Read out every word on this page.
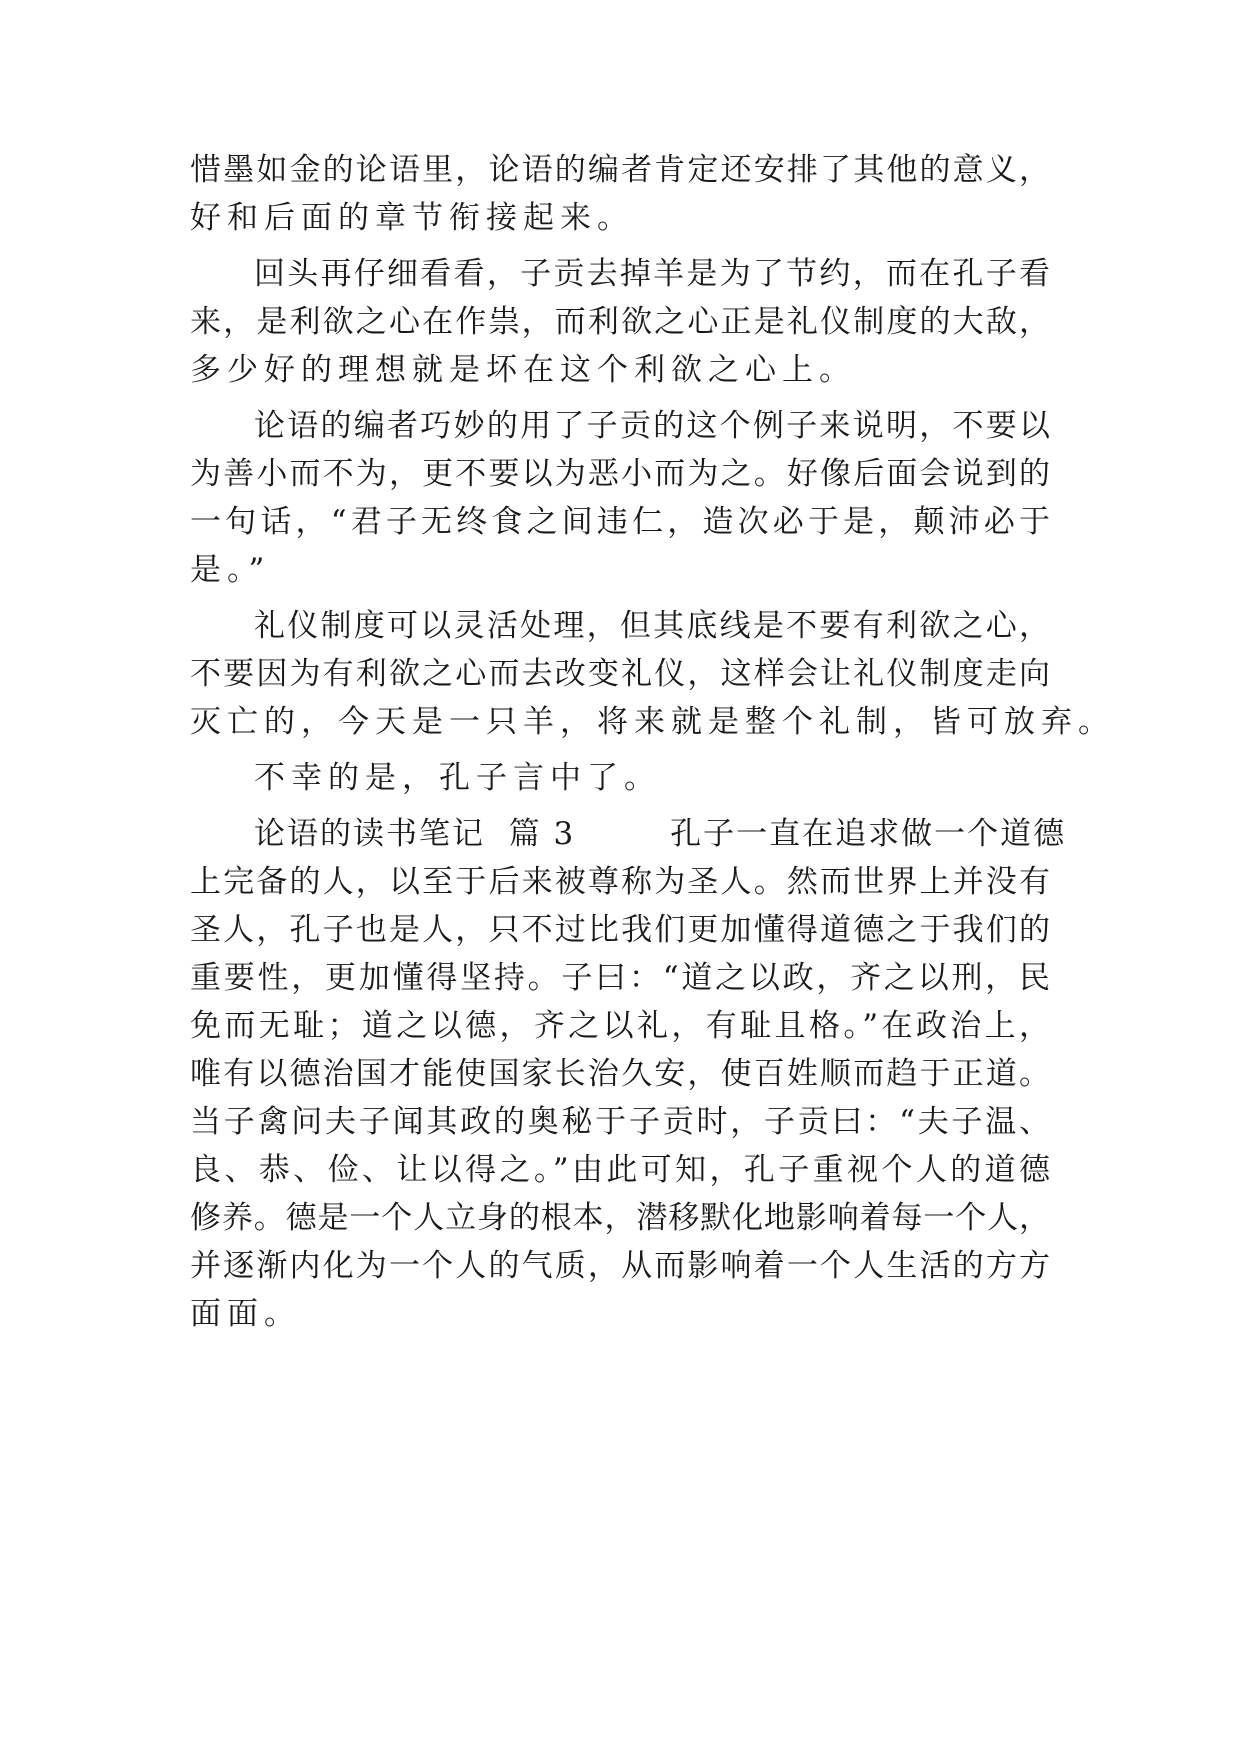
惜墨如金的论语里，论语的编者肯定还安排了其他的意义，
好和后面的章节衔接起来。
回头再仔细看看，子贡去掉羊是为了节约，而在孔子看
来，是利欲之心在作祟，而利欲之心正是礼仪制度的大敌，
多少好的理想就是坏在这个利欲之心上。
论语的编者巧妙的用了子贡的这个例子来说明，不要以
为善小而不为，更不要以为恶小而为之。好像后面会说到的
一句话，“君子无终食之间违仁，造次必于是，颠沛必于
是。”
礼仪制度可以灵活处理，但其底线是不要有利欲之心，
不要因为有利欲之心而去改变礼仪，这样会让礼仪制度走向
灭亡的，今天是一只羊，将来就是整个礼制，皆可放弃。
不幸的是，孔子言中了。
论语的读书笔记  篇 3        孔子一直在追求做一个道德
上完备的人，以至于后来被尊称为圣人。然而世界上并没有
圣人，孔子也是人，只不过比我们更加懂得道德之于我们的
重要性，更加懂得坚持。子曰：“道之以政，齐之以刑，民
免而无耻；道之以德，齐之以礼，有耻且格。”在政治上，
唯有以德治国才能使国家长治久安，使百姓顺而趋于正道。
当子禽问夫子闻其政的奥秘于子贡时，子贡曰：“夫子温、
良、恭、俭、让以得之。”由此可知，孔子重视个人的道德
修养。德是一个人立身的根本，潜移默化地影响着每一个人，
并逐渐内化为一个人的气质，从而影响着一个人生活的方方
面面。
